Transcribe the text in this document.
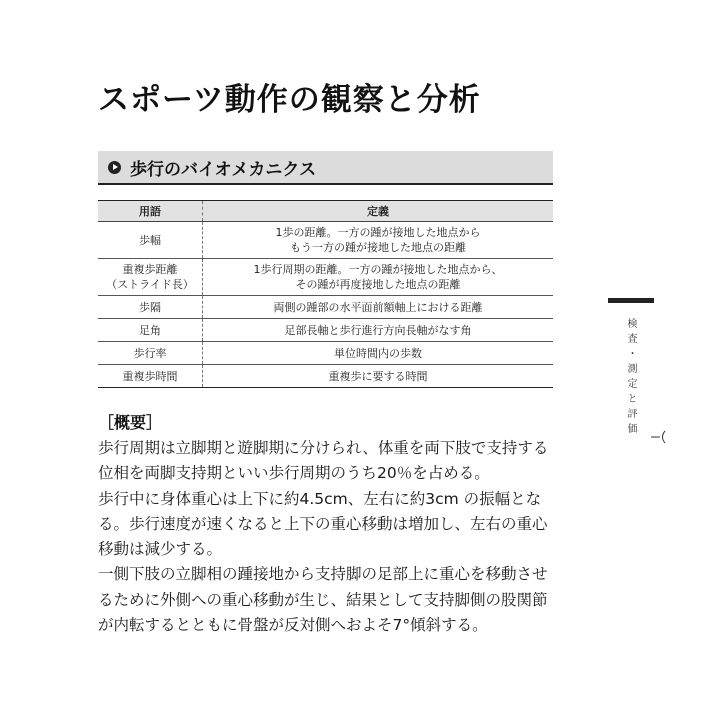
スポーツ動作の観察と分析
歩行のバイオメカニクス
用語	定義
歩幅	1歩の距離。一方の踵が接地した地点から
もう一方の踵が接地した地点の距離
重複歩距離
（ストライド長）	1歩行周期の距離。一方の踵が接地した地点から、
その踵が再度接地した地点の距離
歩隔	両側の踵部の水平面前額軸上における距離
足角	足部長軸と歩行進行方向長軸がなす角
歩行率	単位時間内の歩数
重複歩時間	重複歩に要する時間
［概要］

歩行周期は立脚期と遊脚期に分けられ、体重を両下肢で支持する
位相を両脚支持期といい歩行周期のうち20％を占める。

歩行中に身体重心は上下に約4.5cm、左右に約3cm の振幅とな
る。歩行速度が速くなると上下の重心移動は増加し、左右の重心
移動は減少する。

一側下肢の立脚相の踵接地から支持脚の足部上に重心を移動させ
るために外側への重心移動が生じ、結果として支持脚側の股関節
が内転するとともに骨盤が反対側へおよそ7°傾斜する。

検査・測定と評価
